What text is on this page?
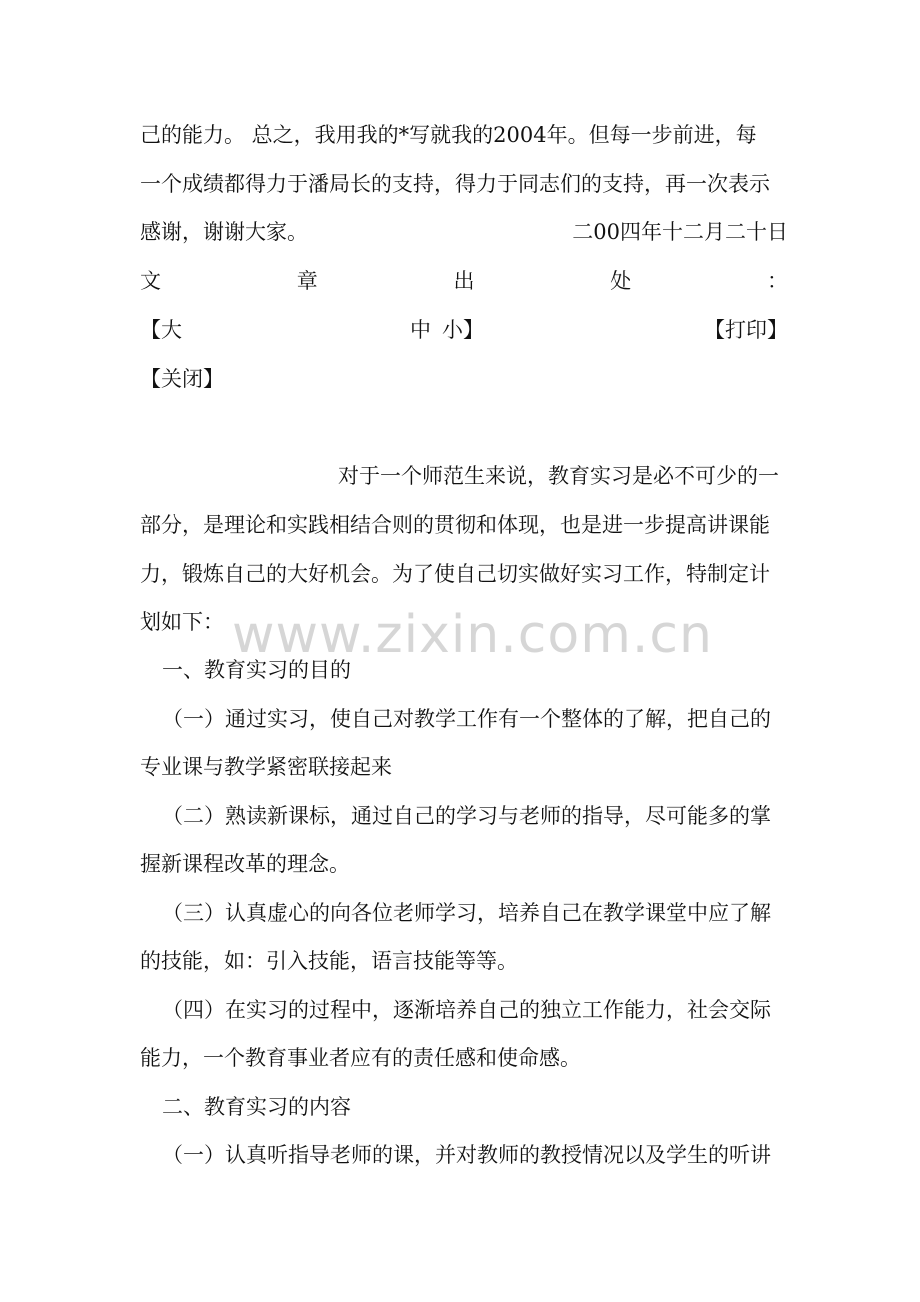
己的能力。 总之，我用我的*写就我的2004年。但每一步前进，每
一个成绩都得力于潘局长的支持，得力于同志们的支持，再一次表示
感谢，谢谢大家。	二00四年十二月二十日
文	章	出	处	：
【大	中 小】	【打印】
【关闭】
对于一个师范生来说，教育实习是必不可少的一
部分，是理论和实践相结合则的贯彻和体现，也是进一步提高讲课能
力，锻炼自己的大好机会。为了使自己切实做好实习工作，特制定计
划如下：
一、教育实习的目的
（一）通过实习，使自己对教学工作有一个整体的了解，把自己的
专业课与教学紧密联接起来
（二）熟读新课标，通过自己的学习与老师的指导，尽可能多的掌
握新课程改革的理念。
（三）认真虚心的向各位老师学习，培养自己在教学课堂中应了解
的技能，如：引入技能，语言技能等等。
（四）在实习的过程中，逐渐培养自己的独立工作能力，社会交际
能力，一个教育事业者应有的责任感和使命感。
二、教育实习的内容
（一）认真听指导老师的课，并对教师的教授情况以及学生的听讲
www.zixin.com.cn
